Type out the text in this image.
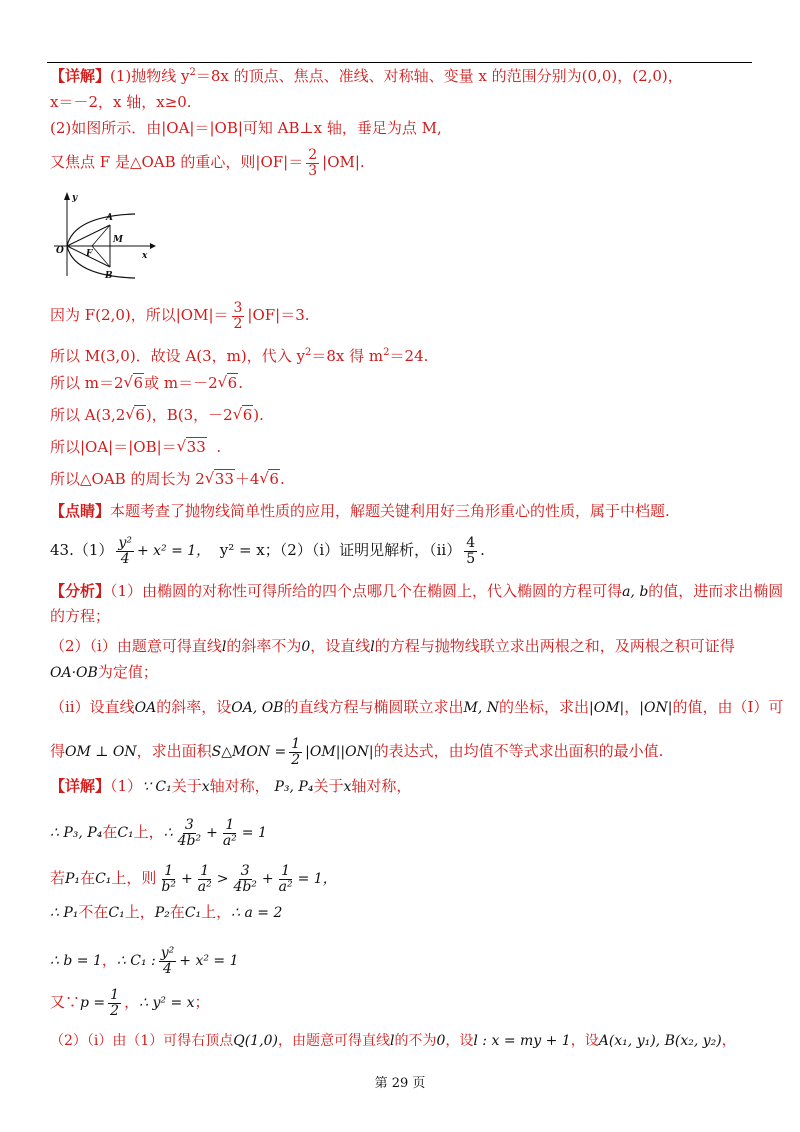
【详解】(1)抛物线 $y^2=8x$ 的顶点、焦点、准线、对称轴、变量 x 的范围分别为(0,0)，(2,0)，
x＝－2，x 轴，x≥0.
(2)如图所示．由|OA|＝|OB|可知 AB⊥x 轴，垂足为点 M,
又焦点 F 是△OAB 的重心，则$|OF|= \frac{2}{3} |OM|$.
y
A
M
O F	x
B
因为 F(2,0)，所以$|OM|= \frac{3}{2} |OF|=3$.
所以 M(3,0)．故设 A(3，m)，代入 $y^2=8x$ 得 $m^2=24$.
所以 m＝2 √ 6或 m＝－2 √ 6.
所以 A(3,2 √ 6)，B(3，－2 √ 6).
所以|OA|＝|OB|＝ √ 33 .
所以△OAB 的周长为 2 √ 33＋4 √ 6.
【点睛】本题考查了抛物线简单性质的应用，解题关键利用好三角形重心的性质，属于中档题.
$43.(1) \frac{\text{y²}}{4} + x^2 = 1$， y² = x；（2）（i）证明见解析，$(ii) \frac{4}{5}$ .
【分析】（1）由椭圆的对称性可得所给的四个点哪几个在椭圆上，代入椭圆的方程可得a, b的值，进而求出椭圆
的方程；
（2）（i）由题意可得直线l的斜率不为0，设直线l的方程与抛物线联立求出两根之和，及两根之积可证得
OA·OB为定值；
（ii）设直线OA的斜率，设OA, OB的直线方程与椭圆联立求出M, N的坐标，求出|OM|，|ON|的值，由（Ⅰ）可
得OM ⊥ ON，求出面积S△MON = $\frac{1}{2} |OM||ON|$的表达式，由均值不等式求出面积的最小值.
【详解】（1）∵ C₁关于x轴对称， P₃, P₄关于x轴对称，
∴ P₃, P₄在C₁上，∴ $\frac{3}{\text{4b²}} + \frac{1}{\text{a²}} = 1$
若P₁在C₁上，则 $\frac{1}{\text{b²}} + \frac{1}{\text{a²}} > \frac{3}{\text{4b²}} + \frac{1}{\text{a²}} = 1$，
∴ P₁不在C₁上，P₂在C₁上，∴ a = 2
∴ b = 1，∴ C₁ : $\frac{\text{y²}}{4} + x^2 = 1$
又∵p = $\frac{1}{2}$ ，∴ y² = x；
（2）（i）由（1）可得右顶点Q(1,0)，由题意可得直线l的不为0，设l : x = my + 1，设A(x₁, y₁), B(x₂, y₂)，
第 29 页
